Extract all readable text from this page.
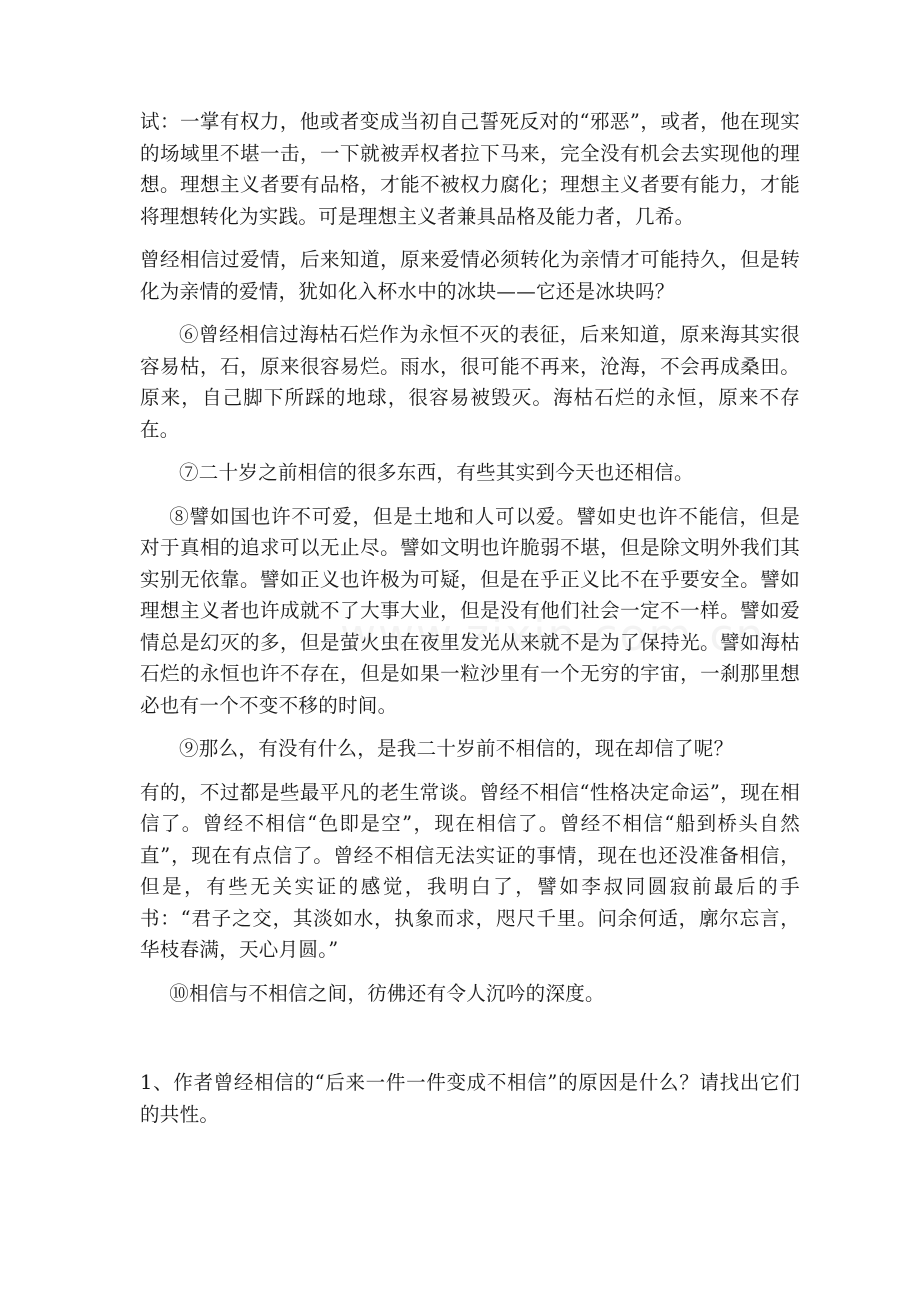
试：一掌有权力，他或者变成当初自己誓死反对的“邪恶”，或者，他在现实的场域里不堪一击，一下就被弄权者拉下马来，完全没有机会去实现他的理想。理想主义者要有品格，才能不被权力腐化；理想主义者要有能力，才能将理想转化为实践。可是理想主义者兼具品格及能力者，几希。

曾经相信过爱情，后来知道，原来爱情必须转化为亲情才可能持久，但是转化为亲情的爱情，犹如化入杯水中的冰块——它还是冰块吗？

⑥曾经相信过海枯石烂作为永恒不灭的表征，后来知道，原来海其实很容易枯，石，原来很容易烂。雨水，很可能不再来，沧海，不会再成桑田。原来，自己脚下所踩的地球，很容易被毁灭。海枯石烂的永恒，原来不存在。

⑦二十岁之前相信的很多东西，有些其实到今天也还相信。

⑧譬如国也许不可爱，但是土地和人可以爱。譬如史也许不能信，但是对于真相的追求可以无止尽。譬如文明也许脆弱不堪，但是除文明外我们其实别无依靠。譬如正义也许极为可疑，但是在乎正义比不在乎要安全。譬如理想主义者也许成就不了大事大业，但是没有他们社会一定不一样。譬如爱情总是幻灭的多，但是萤火虫在夜里发光从来就不是为了保持光。譬如海枯石烂的永恒也许不存在，但是如果一粒沙里有一个无穷的宇宙，一刹那里想必也有一个不变不移的时间。

⑨那么，有没有什么，是我二十岁前不相信的，现在却信了呢？

有的，不过都是些最平凡的老生常谈。曾经不相信“性格决定命运”，现在相信了。曾经不相信“色即是空”，现在相信了。曾经不相信“船到桥头自然直”，现在有点信了。曾经不相信无法实证的事情，现在也还没准备相信，但是，有些无关实证的感觉，我明白了，譬如李叔同圆寂前最后的手书：“君子之交，其淡如水，执象而求，咫尺千里。问余何适，廓尔忘言，华枝春满，天心月圆。”

⑩相信与不相信之间，彷佛还有令人沉吟的深度。

1、作者曾经相信的“后来一件一件变成不相信”的原因是什么？请找出它们的共性。
